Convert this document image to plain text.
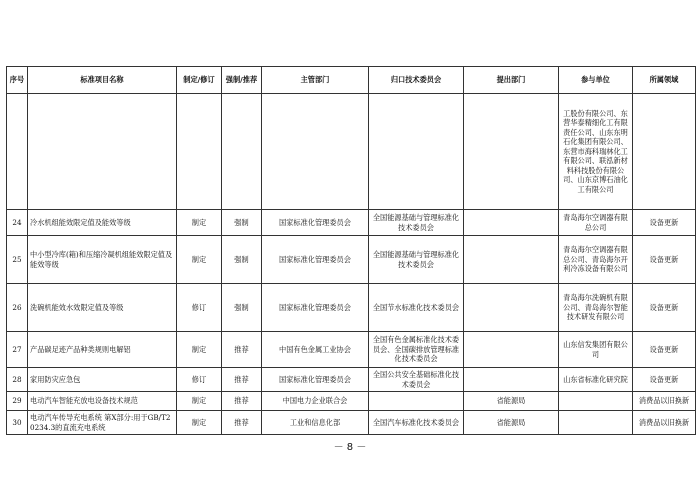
序号	标准项目名称	制定/修订	强制/推荐	主管部门	归口技术委员会	提出部门	参与单位	所属领域
							工股份有限公司、东营华泰精细化工有限责任公司、山东东明石化集团有限公司、东营市海科瑞林化工有限公司、联泓新材料科技股份有限公司、山东京博石油化工有限公司	
24	冷水机组能效限定值及能效等级	制定	强制	国家标准化管理委员会	全国能源基础与管理标准化技术委员会		青岛海尔空调器有限总公司	设备更新
25	中小型冷库(箱)和压缩冷凝机组能效限定值及能效等级	制定	强制	国家标准化管理委员会	全国能源基础与管理标准化技术委员会		青岛海尔空调器有限总公司、青岛海尔开利冷冻设备有限公司	设备更新
26	洗碗机能效水效限定值及等级	修订	强制	国家标准化管理委员会	全国节水标准化技术委员会		青岛海尔洗碗机有限公司、青岛海尔智能技术研发有限公司	设备更新
27	产品碳足迹产品种类规则电解铝	制定	推荐	中国有色金属工业协会	全国有色金属标准化技术委员会、全国碳排放管理标准化技术委员会		山东信发集团有限公司	设备更新
28	家用防灾应急包	修订	推荐	国家标准化管理委员会	全国公共安全基础标准化技术委员会		山东省标准化研究院	设备更新
29	电动汽车智能充放电设备技术规范	制定	推荐	中国电力企业联合会		省能源局		消费品以旧换新
30	电动汽车传导充电系统 第X部分:用于GB/T20234.3的直流充电系统	制定	推荐	工业和信息化部	全国汽车标准化技术委员会	省能源局		消费品以旧换新
－ 8 －
